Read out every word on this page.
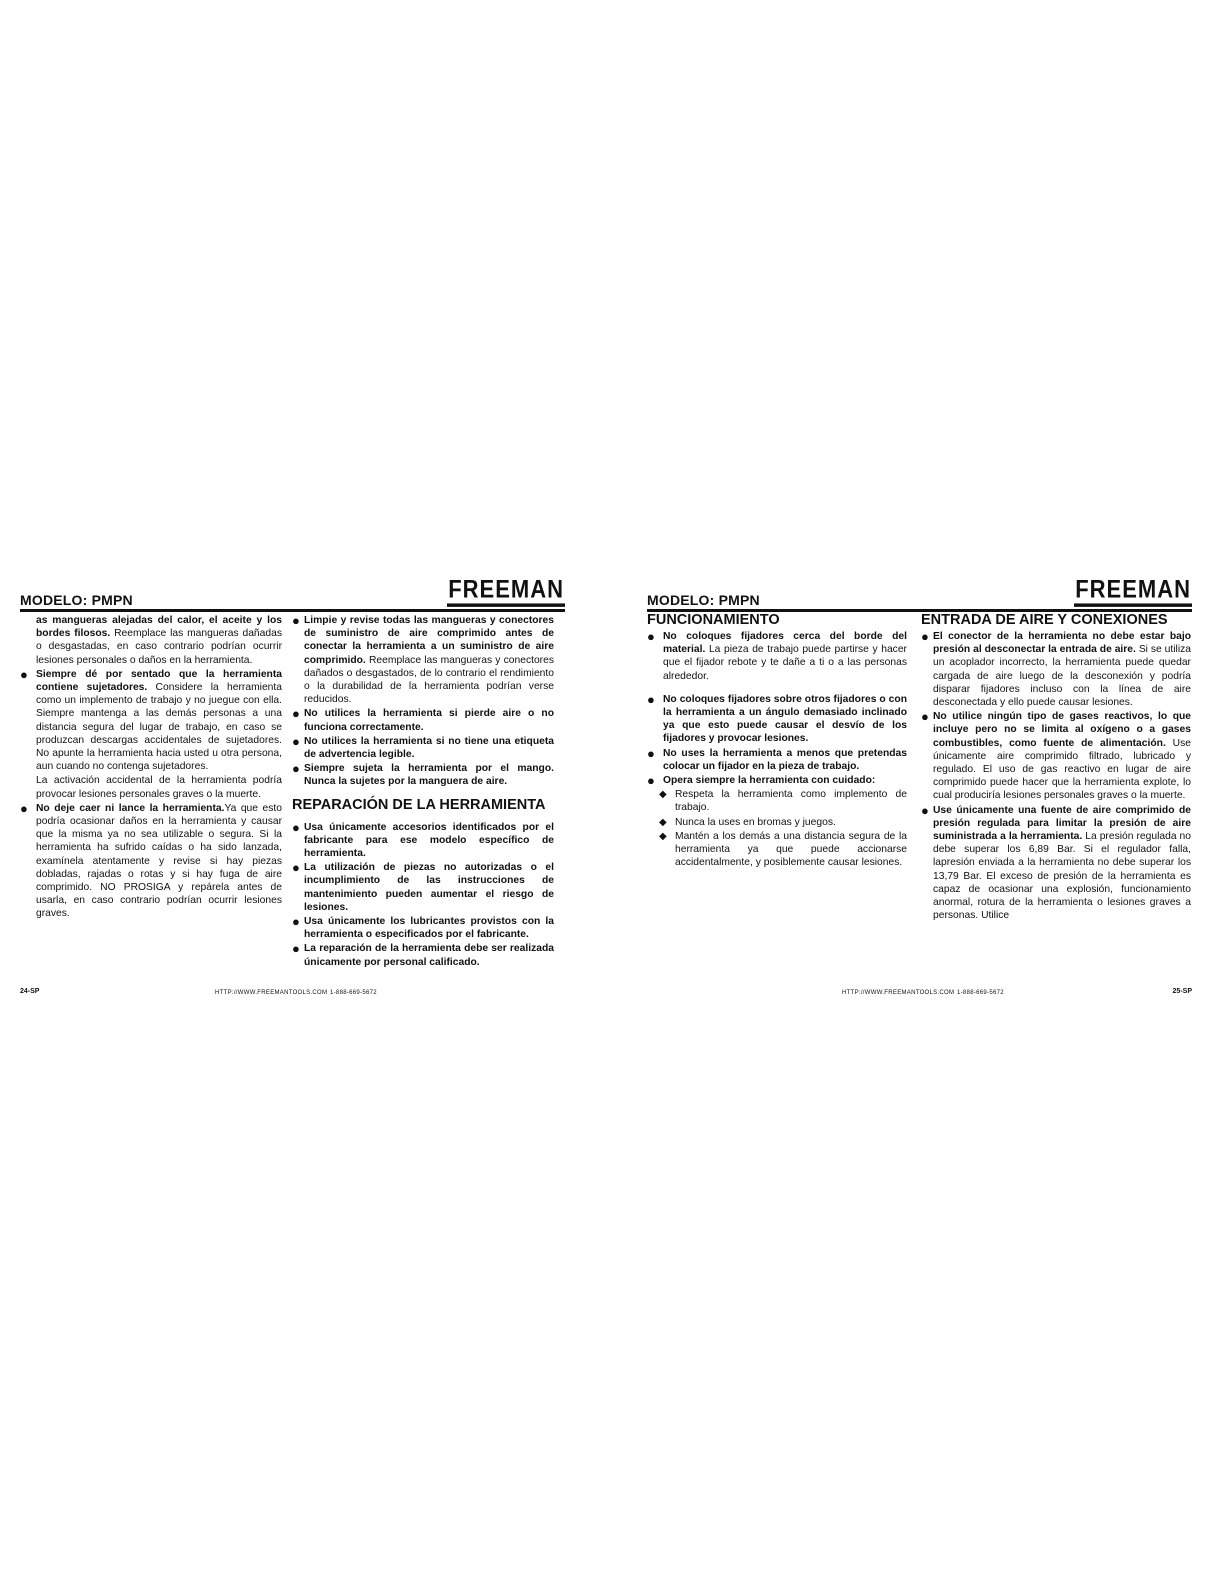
MODELO: PMPN	FREEMAN

as mangueras alejadas del calor, el aceite y los bordes filosos. Reemplace las mangueras dañadas o desgastadas, en caso contrario podrían ocurrir lesiones personales o daños en la herramienta.

● Siempre dé por sentado que la herramienta contiene sujetadores. Considere la herramienta como un implemento de trabajo y no juegue con ella. Siempre mantenga a las demás personas a una distancia segura del lugar de trabajo, en caso se produzcan descargas accidentales de sujetadores. No apunte la herramienta hacia usted u otra persona, aun cuando no contenga sujetadores.

La activación accidental de la herramienta podría provocar lesiones personales graves o la muerte.

● No deje caer ni lance la herramienta.Ya que esto podría ocasionar daños en la herramienta y causar que la misma ya no sea utilizable o segura. Si la herramienta ha sufrido caídas o ha sido lanzada, examínela atentamente y revise si hay piezas dobladas, rajadas o rotas y si hay fuga de aire comprimido. NO PROSIGA y repárela antes de usarla, en caso contrario podrían ocurrir lesiones graves.
● Limpie y revise todas las mangueras y conectores de suministro de aire comprimido antes de conectar la herramienta a un suministro de aire comprimido. Reemplace las mangueras y conectores dañados o desgastados, de lo contrario el rendimiento o la durabilidad de la herramienta podrían verse reducidos.
● No utilices la herramienta si pierde aire o no funciona correctamente.
● No utilices la herramienta si no tiene una etiqueta de advertencia legible.
● Siempre sujeta la herramienta por el mango. Nunca la sujetes por la manguera de aire.
REPARACIÓN DE LA HERRAMIENTA
● Usa únicamente accesorios identificados por el fabricante para ese modelo específico de herramienta.
● La utilización de piezas no autorizadas o el incumplimiento de las instrucciones de mantenimiento pueden aumentar el riesgo de lesiones.
● Usa únicamente los lubricantes provistos con la herramienta o especificados por el fabricante.
● La reparación de la herramienta debe ser realizada únicamente por personal calificado.
24-SP	HTTP://WWW.FREEMANTOOLS.COM 1-888-669-5672
MODELO: PMPN	FREEMAN
FUNCIONAMIENTO
● No coloques fijadores cerca del borde del material. La pieza de trabajo puede partirse y hacer que el fijador rebote y te dañe a ti o a las personas alrededor.
● No coloques fijadores sobre otros fijadores o con la herramienta a un ángulo demasiado inclinado ya que esto puede causar el desvío de los fijadores y provocar lesiones.
● No uses la herramienta a menos que pretendas colocar un fijador en la pieza de trabajo.
● Opera siempre la herramienta con cuidado:
◆ Respeta la herramienta como implemento de trabajo.
◆ Nunca la uses en bromas y juegos.
◆ Mantén a los demás a una distancia segura de la herramienta ya que puede accionarse accidentalmente, y posiblemente causar lesiones.
ENTRADA DE AIRE Y CONEXIONES
● El conector de la herramienta no debe estar bajo presión al desconectar la entrada de aire. Si se utiliza un acoplador incorrecto, la herramienta puede quedar cargada de aire luego de la desconexión y podría disparar fijadores incluso con la línea de aire desconectada y ello puede causar lesiones.
● No utilice ningún tipo de gases reactivos, lo que incluye pero no se limita al oxígeno o a gases combustibles, como fuente de alimentación. Use únicamente aire comprimido filtrado, lubricado y regulado. El uso de gas reactivo en lugar de aire comprimido puede hacer que la herramienta explote, lo cual produciría lesiones personales graves o la muerte.
● Use únicamente una fuente de aire comprimido de presión regulada para limitar la presión de aire suministrada a la herramienta. La presión regulada no debe superar los 6,89 Bar. Si el regulador falla, lapresión enviada a la herramienta no debe superar los 13,79 Bar. El exceso de presión de la herramienta es capaz de ocasionar una explosión, funcionamiento anormal, rotura de la herramienta o lesiones graves a personas. Utilice
HTTP://WWW.FREEMANTOOLS.COM 1-888-669-5672	25-SP
